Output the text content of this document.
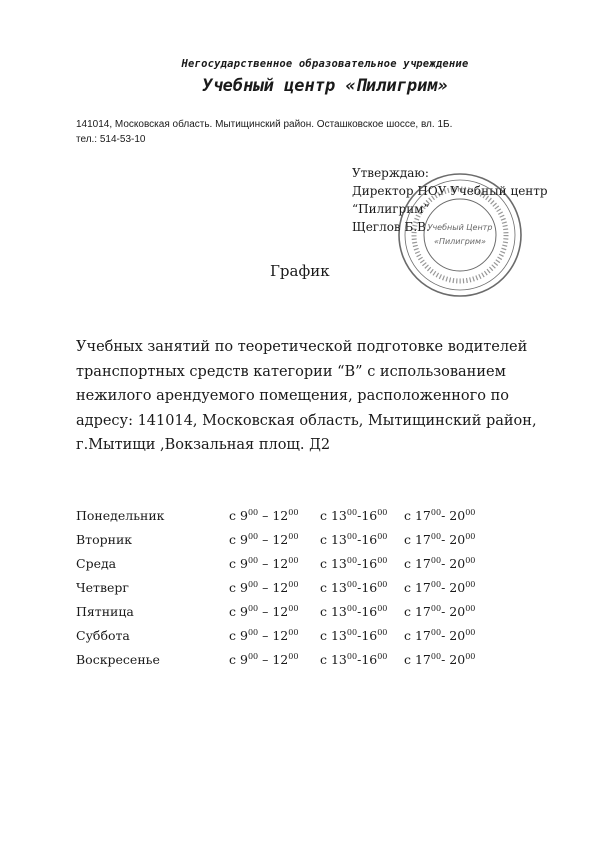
Негосударственное образовательное учреждение
Учебный центр «Пилигрим»
141014, Московская область. Мытищинский район. Осташковское шоссе, вл. 1Б.
тел.: 514-53-10
Утверждаю:
Директор НОУ Учебный центр
“Пилигрим”
Щеглов Б.В.
Учебный Центр
«Пилигрим»
График
Учебных занятий по теоретической подготовке водителей транспортных средств категории “В” с использованием нежилого арендуемого помещения, расположенного по адресу: 141014, Московская область, Мытищинский район, г.Мытищи ,Вокзальная площ. Д2
Понедельник	с $9^{00} - 12^{00}$ с $13^{00}-16^{00}$ с $17^{00}-$ $20^{00}$
Вторник	с $9^{00} - 12^{00}$ с $13^{00}-16^{00}$ с $17^{00}-$ $20^{00}$
Среда	с $9^{00} - 12^{00}$ с $13^{00}-16^{00}$ с $17^{00}-$ $20^{00}$
Четверг	с $9^{00} - 12^{00}$ с $13^{00}-16^{00}$ с $17^{00}-$ $20^{00}$
Пятница	с $9^{00} - 12^{00}$ с $13^{00}-16^{00}$ с $17^{00}-$ $20^{00}$
Суббота	с $9^{00} - 12^{00}$ с $13^{00}-16^{00}$ с $17^{00}-$ $20^{00}$
Воскресенье	с $9^{00} - 12^{00}$ с $13^{00}-16^{00}$ с $17^{00}-$ $20^{00}$
